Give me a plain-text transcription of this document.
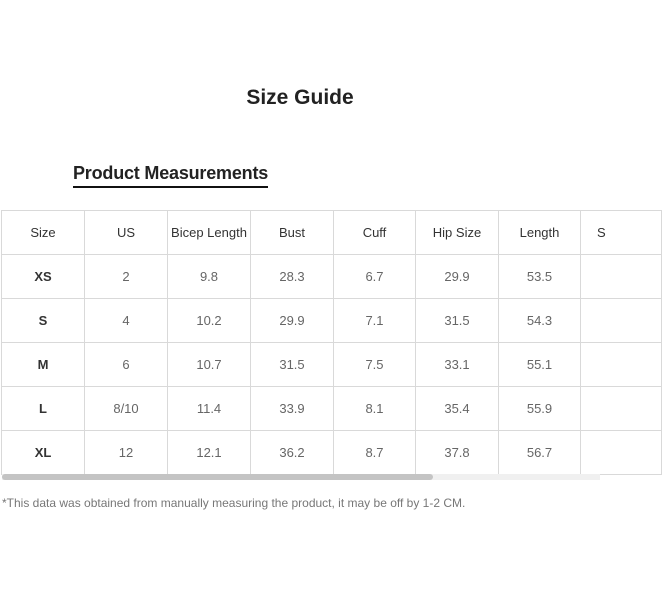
Size Guide
Product Measurements
Size	US	Bicep Length	Bust	Cuff	Hip Size	Length	S
XS	2	9.8	28.3	6.7	29.9	53.5	
S	4	10.2	29.9	7.1	31.5	54.3	
M	6	10.7	31.5	7.5	33.1	55.1	
L	8/10	11.4	33.9	8.1	35.4	55.9	
XL	12	12.1	36.2	8.7	37.8	56.7	
*This data was obtained from manually measuring the product, it may be off by 1-2 CM.
